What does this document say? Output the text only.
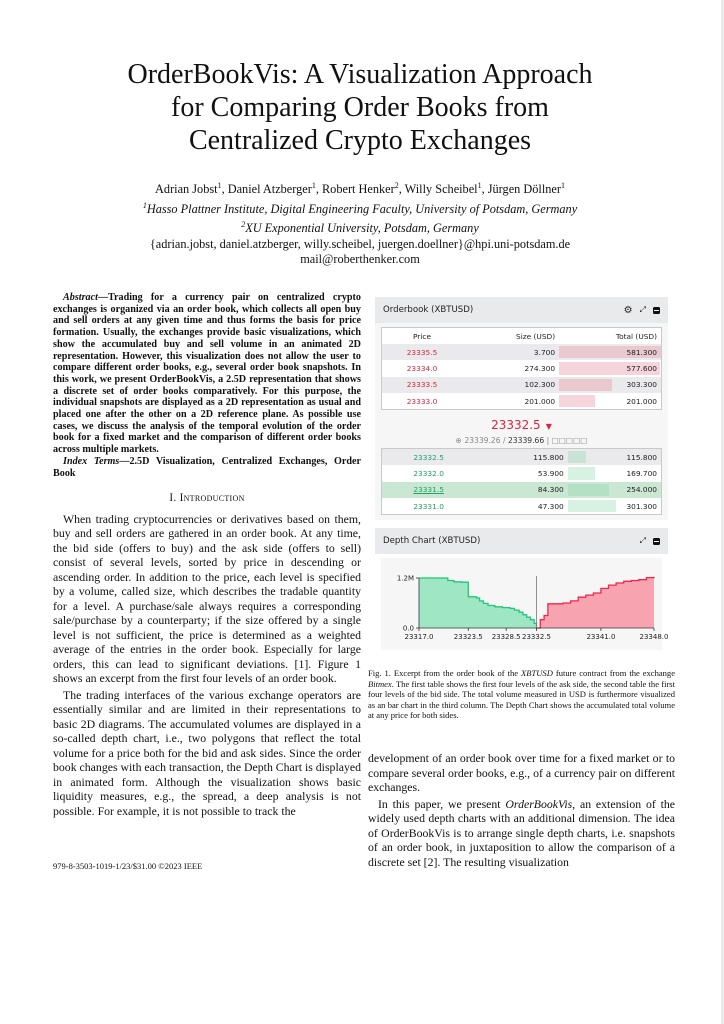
OrderBookVis: A Visualization Approach
for Comparing Order Books from
Centralized Crypto Exchanges
Adrian Jobst$^1$, Daniel Atzberger$^1$, Robert Henker$^2$, Willy Scheibel$^1$, Jürgen Döllner$^1$
$^1$Hasso Plattner Institute, Digital Engineering Faculty, University of Potsdam, Germany
$^2$XU Exponential University, Potsdam, Germany
{adrian.jobst, daniel.atzberger, willy.scheibel, juergen.doellner}@hpi.uni-potsdam.de
mail@roberthenker.com

Abstract—Trading for a currency pair on centralized crypto exchanges is organized via an order book, which collects all open buy and sell orders at any given time and thus forms the basis for price formation. Usually, the exchanges provide basic visualizations, which show the accumulated buy and sell volume in an animated 2D representation. However, this visualization does not allow the user to compare different order books, e.g., several order book snapshots. In this work, we present OrderBookVis, a 2.5D representation that shows a discrete set of order books comparatively. For this purpose, the individual snapshots are displayed as a 2D representation as usual and placed one after the other on a 2D reference plane. As possible use cases, we discuss the analysis of the temporal evolution of the order book for a fixed market and the comparison of different order books across multiple markets.

Index Terms—2.5D Visualization, Centralized Exchanges, Order Book

I. Introduction

When trading cryptocurrencies or derivatives based on them, buy and sell orders are gathered in an order book. At any time, the bid side (offers to buy) and the ask side (offers to sell) consist of several levels, sorted by price in descending or ascending order. In addition to the price, each level is specified by a volume, called size, which describes the tradable quantity for a level. A purchase/sale always requires a corresponding sale/purchase by a counterparty; if the size offered by a single level is not sufficient, the price is determined as a weighted average of the entries in the order book. Especially for large orders, this can lead to significant deviations. [1]. Figure 1 shows an excerpt from the first four levels of an order book.

The trading interfaces of the various exchange operators are essentially similar and are limited in their representations to basic 2D diagrams. The accumulated volumes are displayed in a so-called depth chart, i.e., two polygons that reflect the total volume for a price both for the bid and ask sides. Since the order book changes with each transaction, the Depth Chart is displayed in animated form. Although the visualization shows basic liquidity measures, e.g., the spread, a deep analysis is not possible. For example, it is not possible to track the

979-8-3503-1019-1/23/$31.00 ©2023 IEEE
Orderbook (XBTUSD)	⚙ ⤢
Price	Size (USD)	Total (USD)
23335.5	3.700	581.300
23334.0	274.300	577.600
23333.5	102.300	303.300
23333.0	201.000	201.000
23332.5 ▼
⊕ 23339.26 / 23339.66 | □□□□□
23332.5	115.800	115.800
23332.0	53.900	169.700
23331.5	84.300	254.000
23331.0	47.300	301.300
Depth Chart (XBTUSD)	⤢
23317.0	23323.5 23328.5 23332.5	23341.0	23348.0
0.0
1.2M
Fig. 1. Excerpt from the order book of the XBTUSD future contract from the exchange Bitmex. The first table shows the first four levels of the ask side, the second table the first four levels of the bid side. The total volume measured in USD is furthermore visualized as an bar chart in the third column. The Depth Chart shows the accumulated total volume at any price for both sides.

development of an order book over time for a fixed market or to compare several order books, e.g., of a currency pair on different exchanges.

In this paper, we present OrderBookVis, an extension of the widely used depth charts with an additional dimension. The idea of OrderBookVis is to arrange single depth charts, i.e. snapshots of an order book, in juxtaposition to allow the comparison of a discrete set [2]. The resulting visualization
